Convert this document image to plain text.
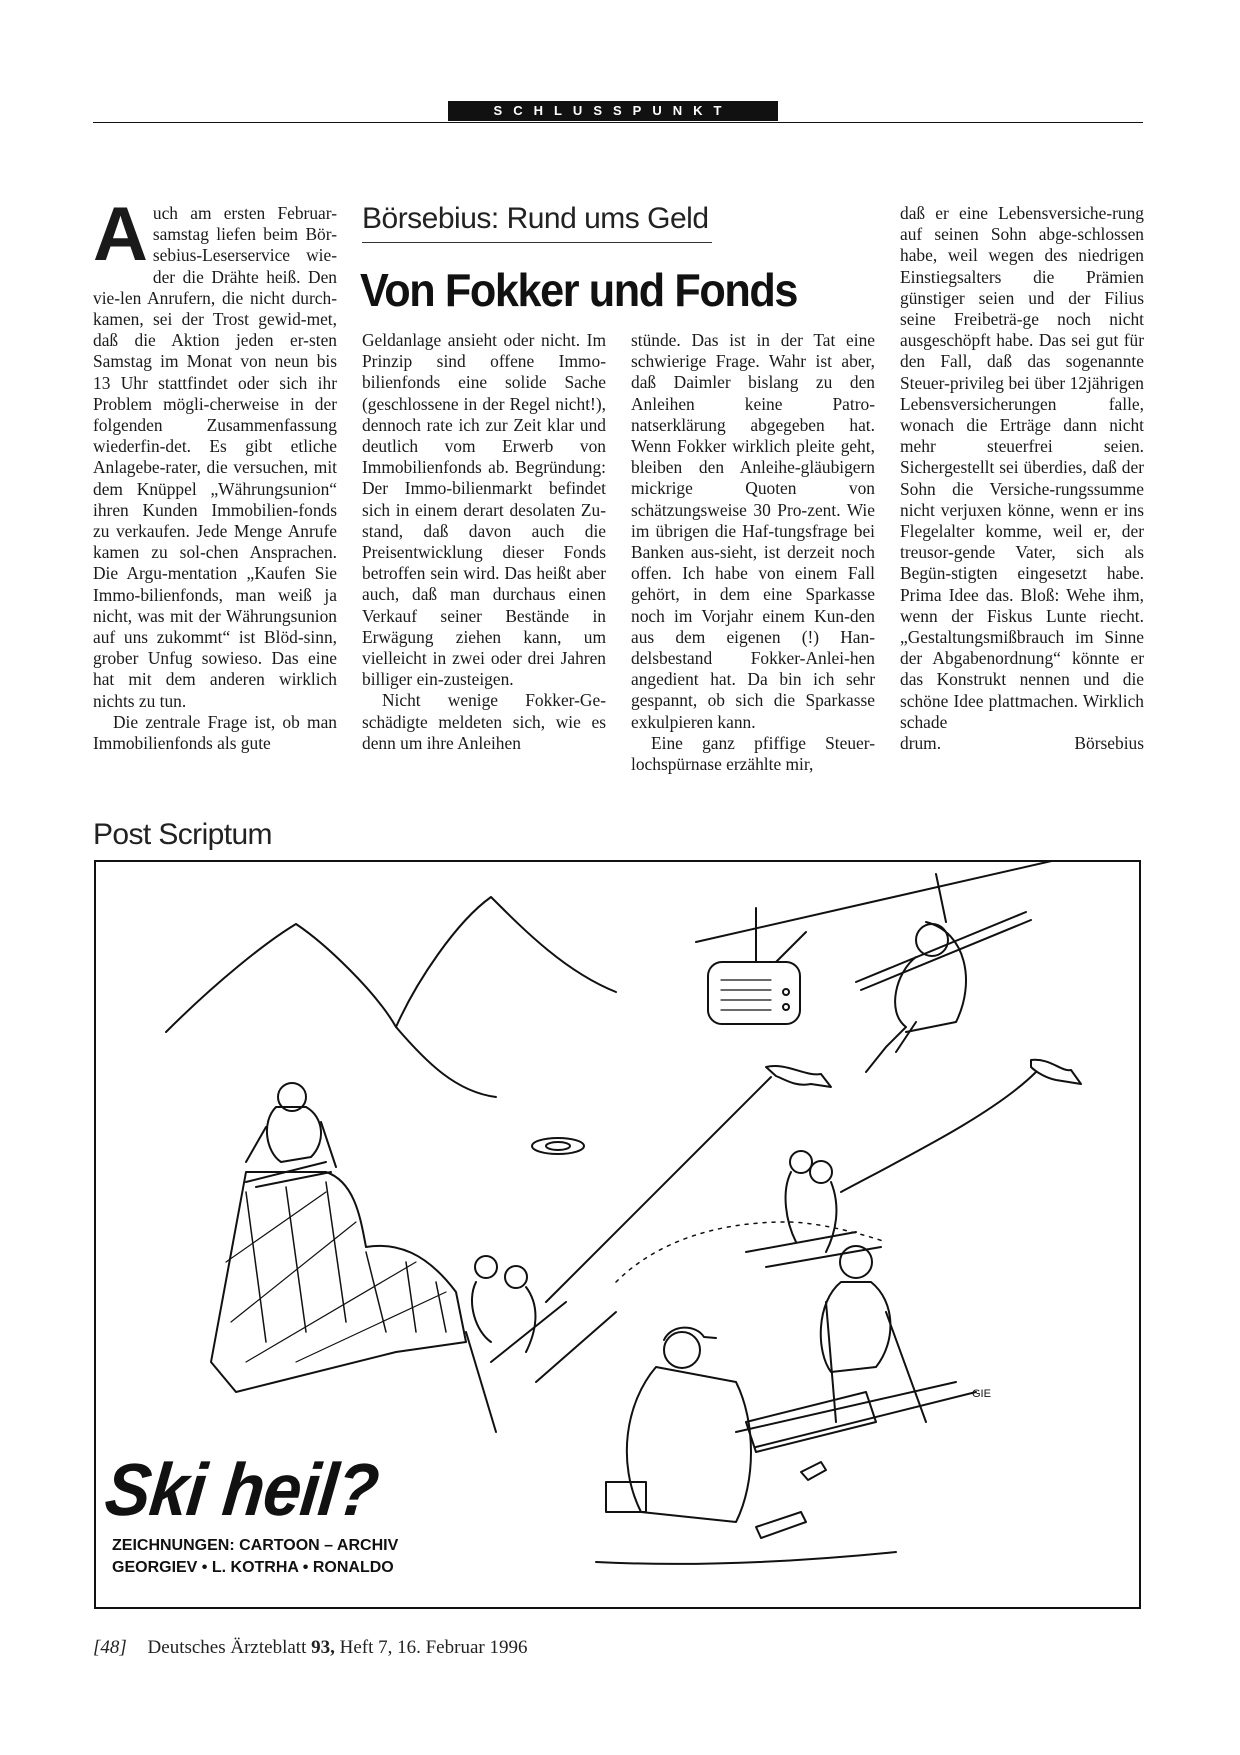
SCHLUSSPUNKT
A uch am ersten Februar-samstag liefen beim Bör-sebius-Leserservice wie-der die Drähte heiß. Den vie-len Anrufern, die nicht durch-kamen, sei der Trost gewid-met, daß die Aktion jeden er-sten Samstag im Monat von neun bis 13 Uhr stattfindet oder sich ihr Problem mögli-cherweise in der folgenden Zusammenfassung wiederfin-det. Es gibt etliche Anlagebe-rater, die versuchen, mit dem Knüppel „Währungsunion“ ihren Kunden Immobilien-fonds zu verkaufen. Jede Menge Anrufe kamen zu sol-chen Ansprachen. Die Argu-mentation „Kaufen Sie Immo-bilienfonds, man weiß ja nicht, was mit der Währungsunion auf uns zukommt“ ist Blöd-sinn, grober Unfug sowieso. Das eine hat mit dem anderen wirklich nichts zu tun.

Die zentrale Frage ist, ob man Immobilienfonds als gute

Börsebius: Rund ums Geld
Von Fokker und Fonds

Geldanlage ansieht oder nicht. Im Prinzip sind offene Immo-bilienfonds eine solide Sache (geschlossene in der Regel nicht!), dennoch rate ich zur Zeit klar und deutlich vom Erwerb von Immobilienfonds ab. Begründung: Der Immo-bilienmarkt befindet sich in einem derart desolaten Zu-stand, daß davon auch die Preisentwicklung dieser Fonds betroffen sein wird. Das heißt aber auch, daß man durchaus einen Verkauf seiner Bestände in Erwägung ziehen kann, um vielleicht in zwei oder drei Jahren billiger ein-zusteigen.

Nicht wenige Fokker-Ge-schädigte meldeten sich, wie es denn um ihre Anleihen

stünde. Das ist in der Tat eine schwierige Frage. Wahr ist aber, daß Daimler bislang zu den Anleihen keine Patro-natserklärung abgegeben hat. Wenn Fokker wirklich pleite geht, bleiben den Anleihe-gläubigern mickrige Quoten von schätzungsweise 30 Pro-zent. Wie im übrigen die Haf-tungsfrage bei Banken aus-sieht, ist derzeit noch offen. Ich habe von einem Fall gehört, in dem eine Sparkasse noch im Vorjahr einem Kun-den aus dem eigenen (!) Han-delsbestand Fokker-Anlei-hen angedient hat. Da bin ich sehr gespannt, ob sich die Sparkasse exkulpieren kann.

Eine ganz pfiffige Steuer-lochspürnase erzählte mir,

daß er eine Lebensversiche-rung auf seinen Sohn abge-schlossen habe, weil wegen des niedrigen Einstiegsalters die Prämien günstiger seien und der Filius seine Freibeträ-ge noch nicht ausgeschöpft habe. Das sei gut für den Fall, daß das sogenannte Steuer-privileg bei über 12jährigen Lebensversicherungen falle, wonach die Erträge dann nicht mehr steuerfrei seien. Sichergestellt sei überdies, daß der Sohn die Versiche-rungssumme nicht verjuxen könne, wenn er ins Flegelalter komme, weil er, der treusor-gende Vater, sich als Begün-stigten eingesetzt habe. Prima Idee das. Bloß: Wehe ihm, wenn der Fiskus Lunte riecht. „Gestaltungsmißbrauch im Sinne der Abgabenordnung“ könnte er das Konstrukt nennen und die schöne Idee plattmachen. Wirklich schade

drum.	Börsebius
Post Scriptum
GIE
Ski heil?
ZEICHNUNGEN: CARTOON – ARCHIV
GEORGIEV • L. KOTRHA • RONALDO
[48] Deutsches Ärzteblatt 93, Heft 7, 16. Februar 1996
